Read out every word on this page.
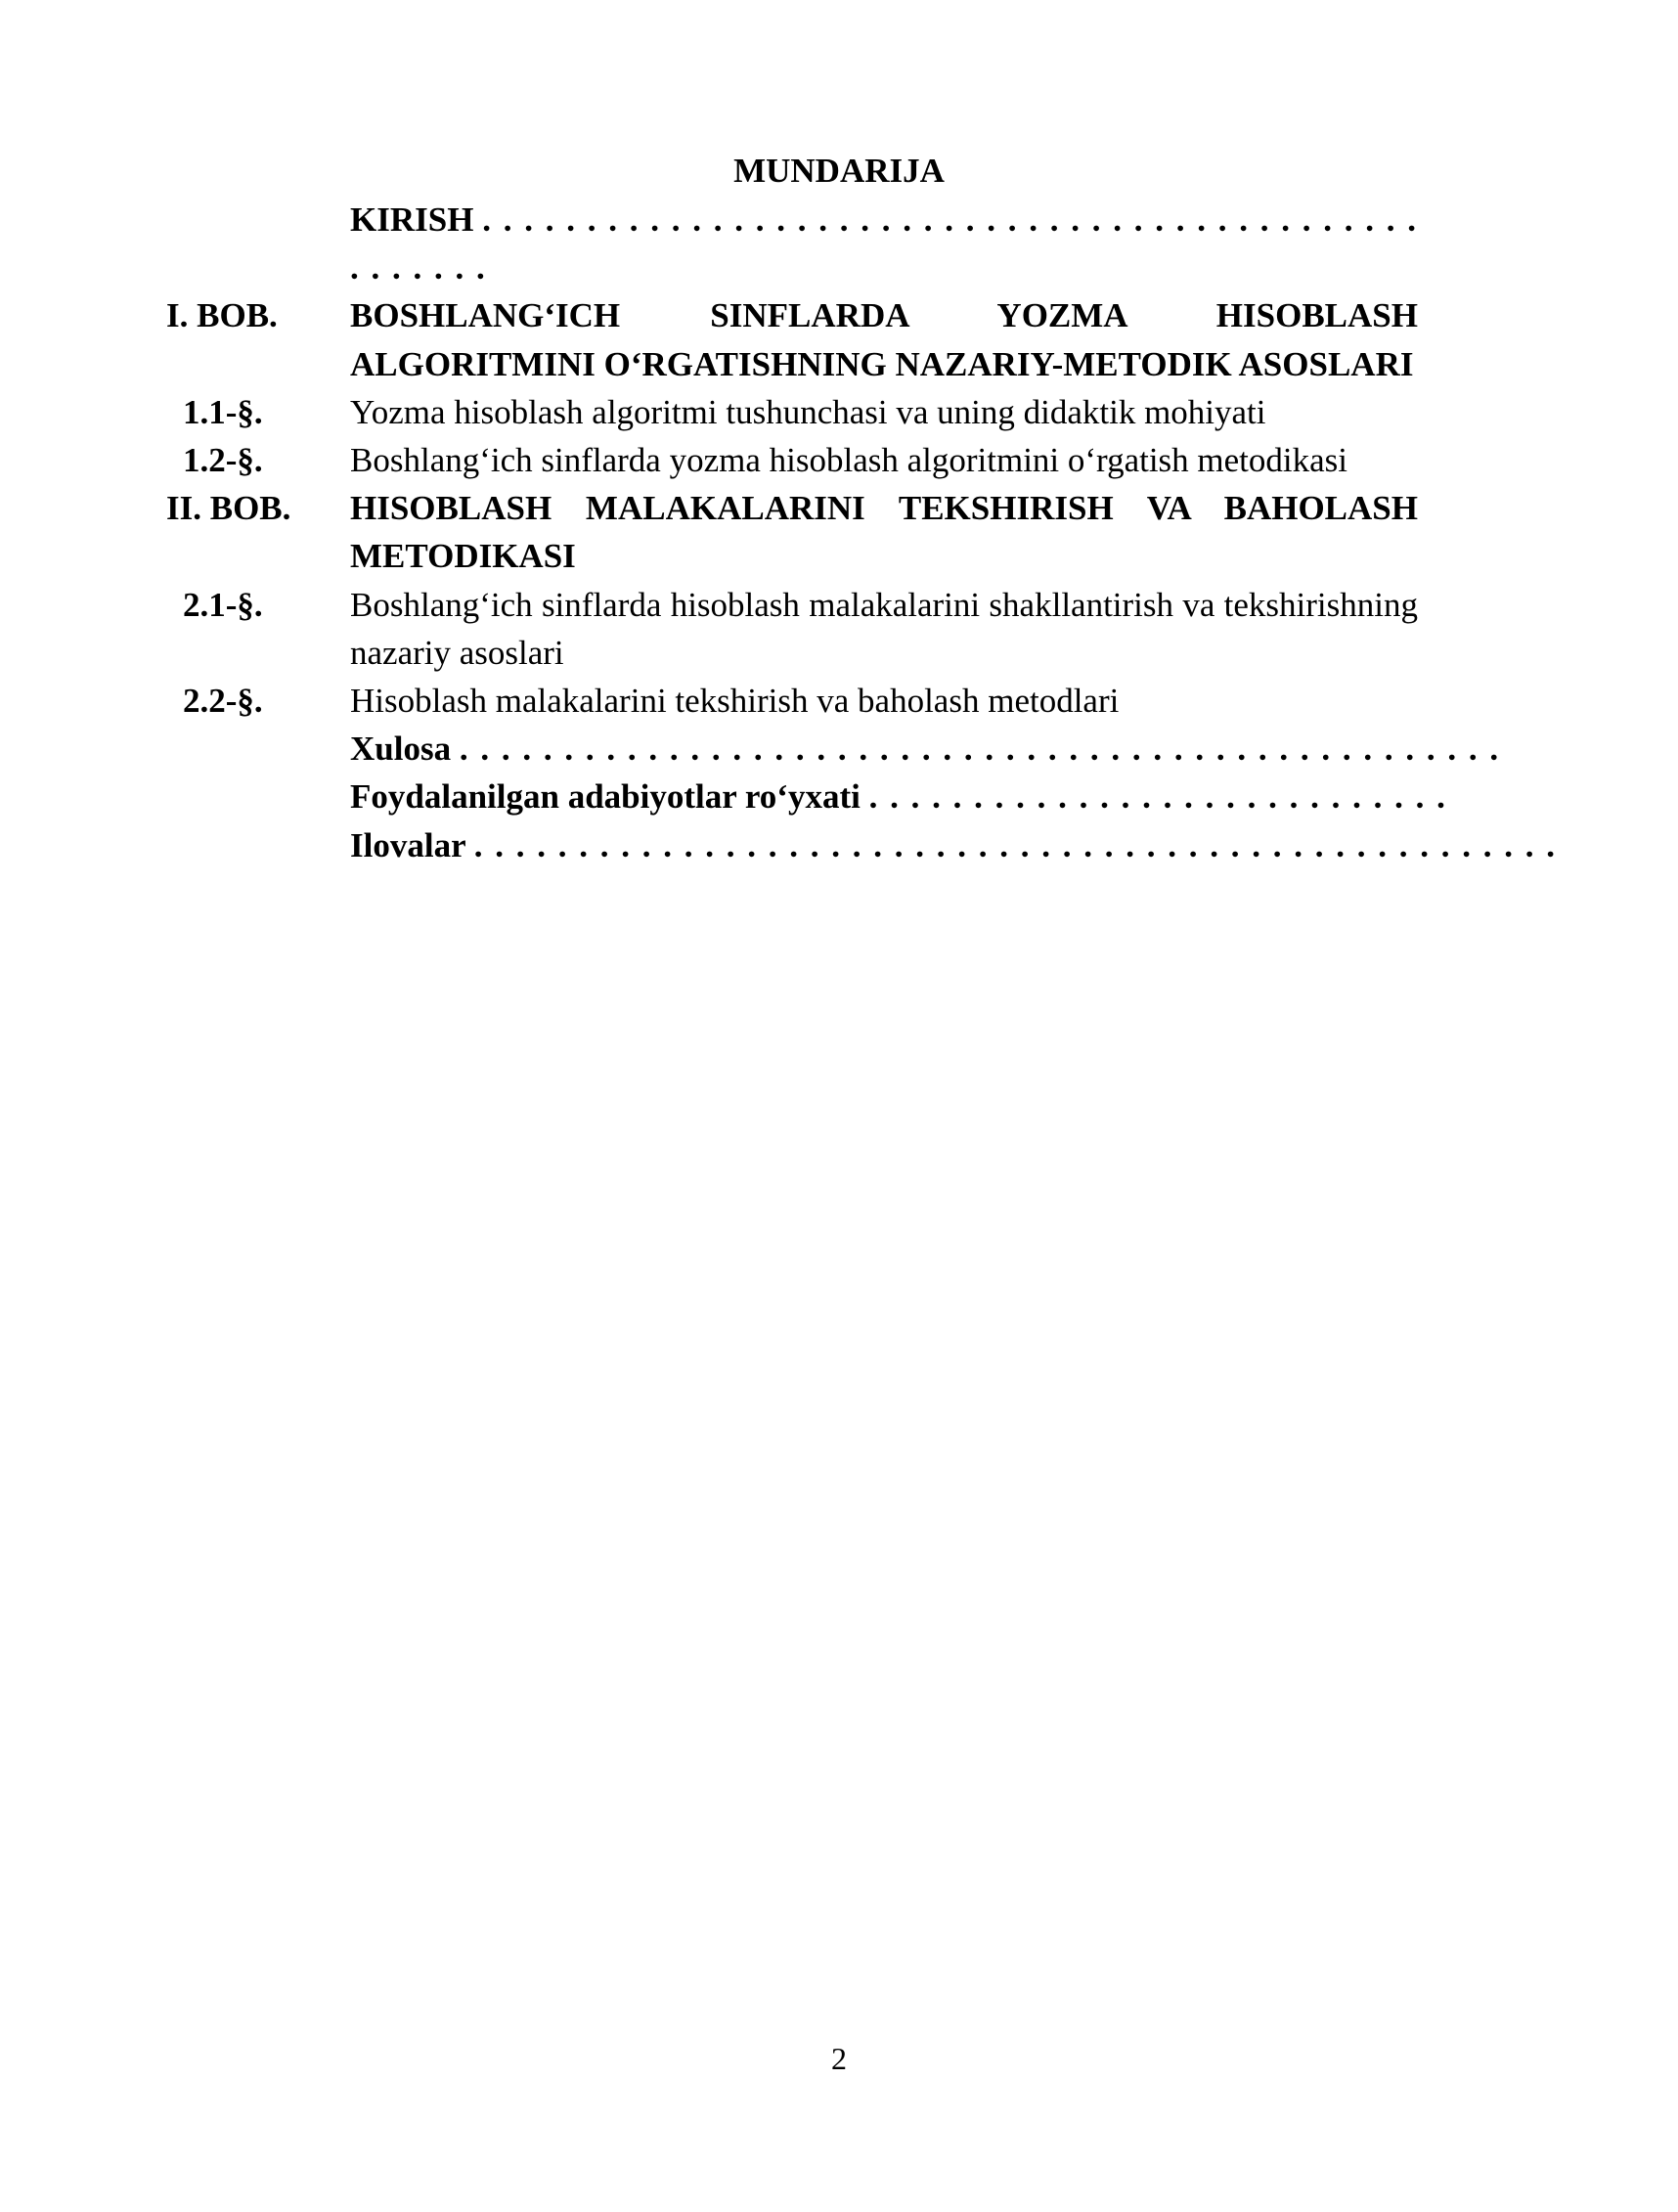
MUNDARIJA
KIRISH . . . . . . . . . . . . . . . . . . . . . . . . . . . . . . . . . . . . . . . . . . . . . . . . . . . .
I. BOB.	BOSHLANG‘ICH SINFLARDA YOZMA HISOBLASH ALGORITMINI O‘RGATISHNING NAZARIY-METODIK ASOSLARI
1.1-§.	Yozma hisoblash algoritmi tushunchasi va uning didaktik mohiyati
1.2-§.	Boshlang‘ich sinflarda yozma hisoblash algoritmini o‘rgatish metodikasi
II. BOB.	HISOBLASH MALAKALARINI TEKSHIRISH VA BAHOLASH METODIKASI
2.1-§.	Boshlang‘ich sinflarda hisoblash malakalarini shakllantirish va tekshirishning nazariy asoslari
2.2-§.	Hisoblash malakalarini tekshirish va baholash metodlari
Xulosa . . . . . . . . . . . . . . . . . . . . . . . . . . . . . . . . . . . . . . . . . . . . . . . . . .
Foydalanilgan adabiyotlar ro‘yxati . . . . . . . . . . . . . . . . . . . . . . . . . . . .
Ilovalar . . . . . . . . . . . . . . . . . . . . . . . . . . . . . . . . . . . . . . . . . . . . . . . . . . . .
2
